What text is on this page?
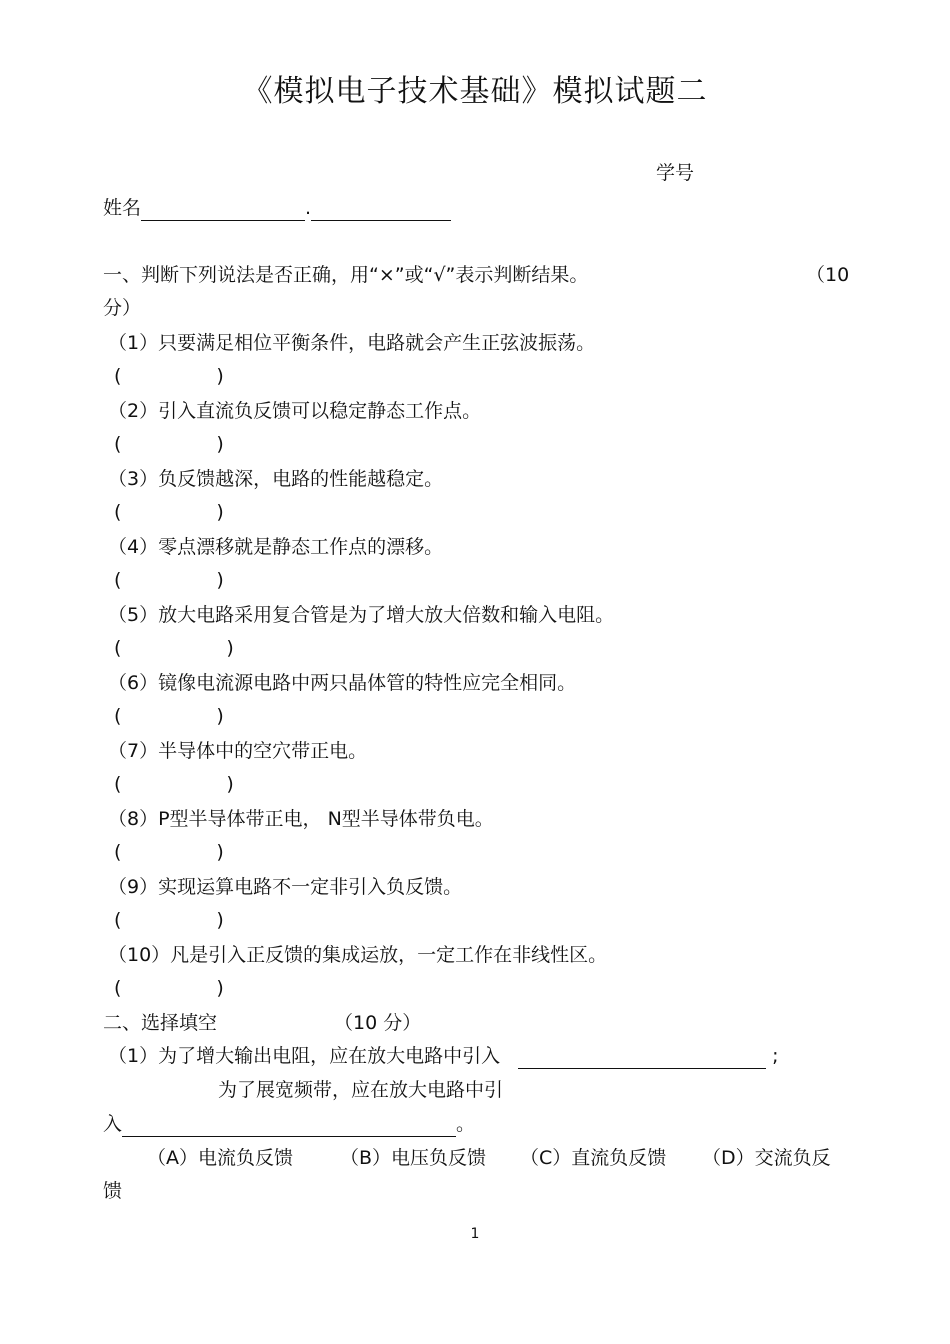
《模拟电子技术基础》模拟试题二
学号
姓名	.
一、判断下列说法是否正确，用“×”或“√”表示判断结果。	（10
分）
（1）只要满足相位平衡条件，电路就会产生正弦波振荡。
(	)
（2）引入直流负反馈可以稳定静态工作点。
(	)
（3）负反馈越深，电路的性能越稳定。
(	)
（4）零点漂移就是静态工作点的漂移。
(	)
（5）放大电路采用复合管是为了增大放大倍数和输入电阻。
(	)
（6）镜像电流源电路中两只晶体管的特性应完全相同。
(	)
（7）半导体中的空穴带正电。
(	)
（8）P型半导体带正电， N型半导体带负电。
(	)
（9）实现运算电路不一定非引入负反馈。
(	)
（10）凡是引入正反馈的集成运放，一定工作在非线性区。
(	)
二、选择填空	（10 分）
（1）为了增大输出电阻，应在放大电路中引入	;
为了展宽频带，应在放大电路中引
入	。
（A）电流负反馈 （B）电压负反馈 （C）直流负反馈 （D）交流负反
馈
1
